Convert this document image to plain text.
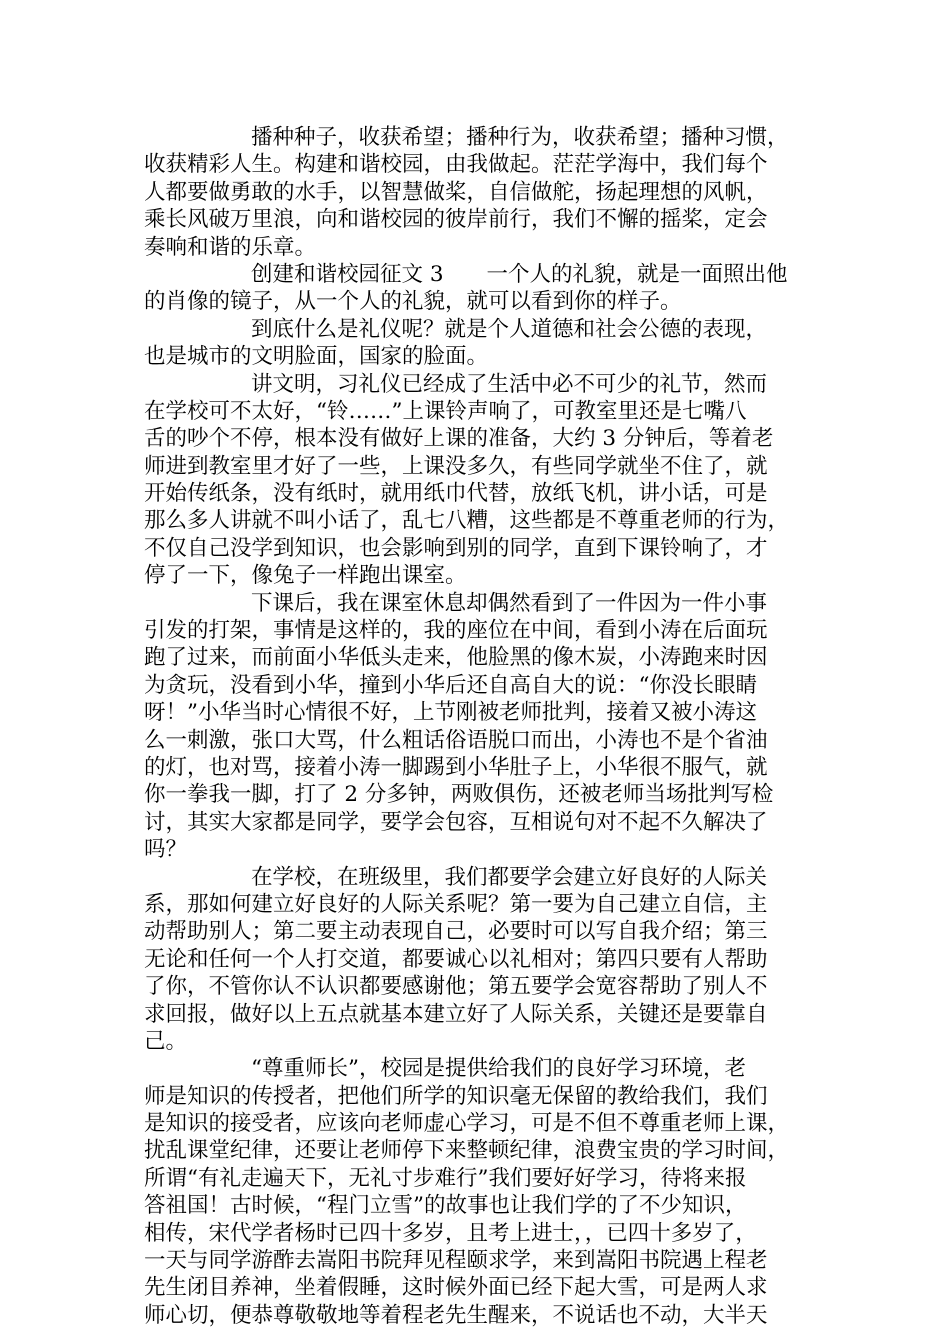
播种种子，收获希望；播种行为，收获希望；播种习惯，
收获精彩人生。构建和谐校园，由我做起。茫茫学海中，我们每个
人都要做勇敢的水手，以智慧做桨，自信做舵，扬起理想的风帆，
乘长风破万里浪，向和谐校园的彼岸前行，我们不懈的摇桨，定会
奏响和谐的乐章。
创建和谐校园征文 3　　一个人的礼貌，就是一面照出他
的肖像的镜子，从一个人的礼貌，就可以看到你的样子。
到底什么是礼仪呢？就是个人道德和社会公德的表现，
也是城市的文明脸面，国家的脸面。
讲文明，习礼仪已经成了生活中必不可少的礼节，然而
在学校可不太好，“铃……”上课铃声响了，可教室里还是七嘴八
舌的吵个不停，根本没有做好上课的准备，大约 3 分钟后，等着老
师进到教室里才好了一些，上课没多久，有些同学就坐不住了，就
开始传纸条，没有纸时，就用纸巾代替，放纸飞机，讲小话，可是
那么多人讲就不叫小话了，乱七八糟，这些都是不尊重老师的行为，
不仅自己没学到知识，也会影响到别的同学，直到下课铃响了，才
停了一下，像兔子一样跑出课室。
下课后，我在课室休息却偶然看到了一件因为一件小事
引发的打架，事情是这样的，我的座位在中间，看到小涛在后面玩
跑了过来，而前面小华低头走来，他脸黑的像木炭，小涛跑来时因
为贪玩，没看到小华，撞到小华后还自高自大的说：“你没长眼睛
呀！”小华当时心情很不好，上节刚被老师批判，接着又被小涛这
么一刺激，张口大骂，什么粗话俗语脱口而出，小涛也不是个省油
的灯，也对骂，接着小涛一脚踢到小华肚子上，小华很不服气，就
你一拳我一脚，打了 2 分多钟，两败俱伤，还被老师当场批判写检
讨，其实大家都是同学，要学会包容，互相说句对不起不久解决了
吗？
在学校，在班级里，我们都要学会建立好良好的人际关
系，那如何建立好良好的人际关系呢？第一要为自己建立自信，主
动帮助别人；第二要主动表现自己，必要时可以写自我介绍；第三
无论和任何一个人打交道，都要诚心以礼相对；第四只要有人帮助
了你，不管你认不认识都要感谢他；第五要学会宽容帮助了别人不
求回报，做好以上五点就基本建立好了人际关系，关键还是要靠自
己。
“尊重师长”，校园是提供给我们的良好学习环境，老
师是知识的传授者，把他们所学的知识毫无保留的教给我们，我们
是知识的接受者，应该向老师虚心学习，可是不但不尊重老师上课，
扰乱课堂纪律，还要让老师停下来整顿纪律，浪费宝贵的学习时间，
所谓“有礼走遍天下，无礼寸步难行”我们要好好学习，待将来报
答祖国！古时候，“程门立雪”的故事也让我们学的了不少知识，
相传，宋代学者杨时已四十多岁，且考上进士，，已四十多岁了，
一天与同学游酢去嵩阳书院拜见程颐求学，来到嵩阳书院遇上程老
先生闭目养神，坐着假睡，这时候外面已经下起大雪，可是两人求
师心切，便恭尊敬敬地等着程老先生醒来，不说话也不动，大半天
